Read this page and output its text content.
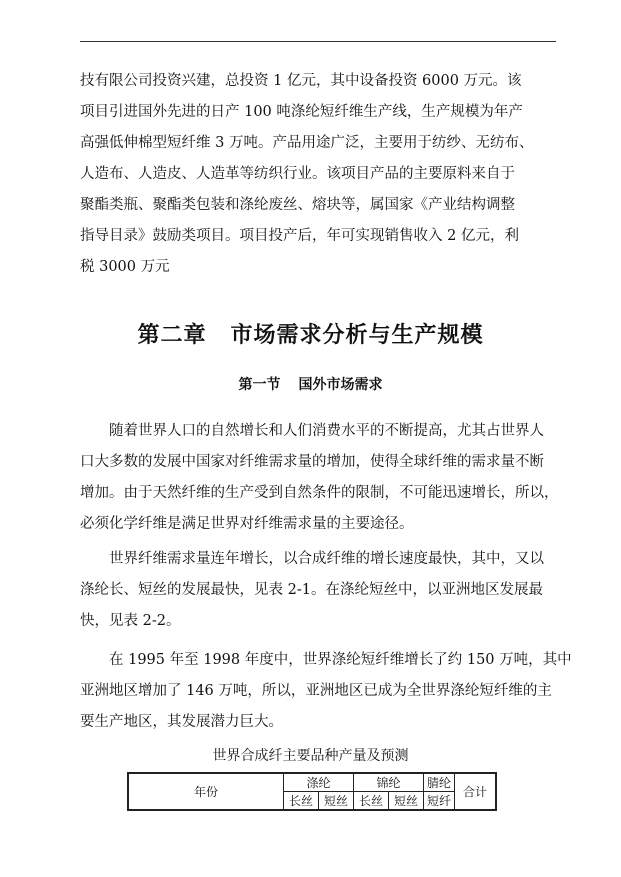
技有限公司投资兴建，总投资 1 亿元，其中设备投资 6000 万元。该
项目引进国外先进的日产 100 吨涤纶短纤维生产线，生产规模为年产
高强低伸棉型短纤维 3 万吨。产品用途广泛，主要用于纺纱、无纺布、
人造布、人造皮、人造革等纺织行业。该项目产品的主要原料来自于
聚酯类瓶、聚酯类包装和涤纶废丝、熔块等，属国家《产业结构调整
指导目录》鼓励类项目。项目投产后，年可实现销售收入 2 亿元，利
税 3000 万元

第二章 市场需求分析与生产规模
第一节 国外市场需求

随着世界人口的自然增长和人们消费水平的不断提高，尤其占世界人
口大多数的发展中国家对纤维需求量的增加，使得全球纤维的需求量不断
增加。由于天然纤维的生产受到自然条件的限制，不可能迅速增长，所以，
必须化学纤维是满足世界对纤维需求量的主要途径。

世界纤维需求量连年增长，以合成纤维的增长速度最快，其中，又以
涤纶长、短丝的发展最快，见表 2-1。在涤纶短丝中，以亚洲地区发展最
快，见表 2-2。

在 1995 年至 1998 年度中，世界涤纶短纤维增长了约 150 万吨，其中
亚洲地区增加了 146 万吨，所以，亚洲地区已成为全世界涤纶短纤维的主
要生产地区，其发展潜力巨大。

世界合成纤主要品种产量及预测
年份	涤纶		锦纶		腈纶	合计
	长丝	短丝	长丝	短丝	短纤	
